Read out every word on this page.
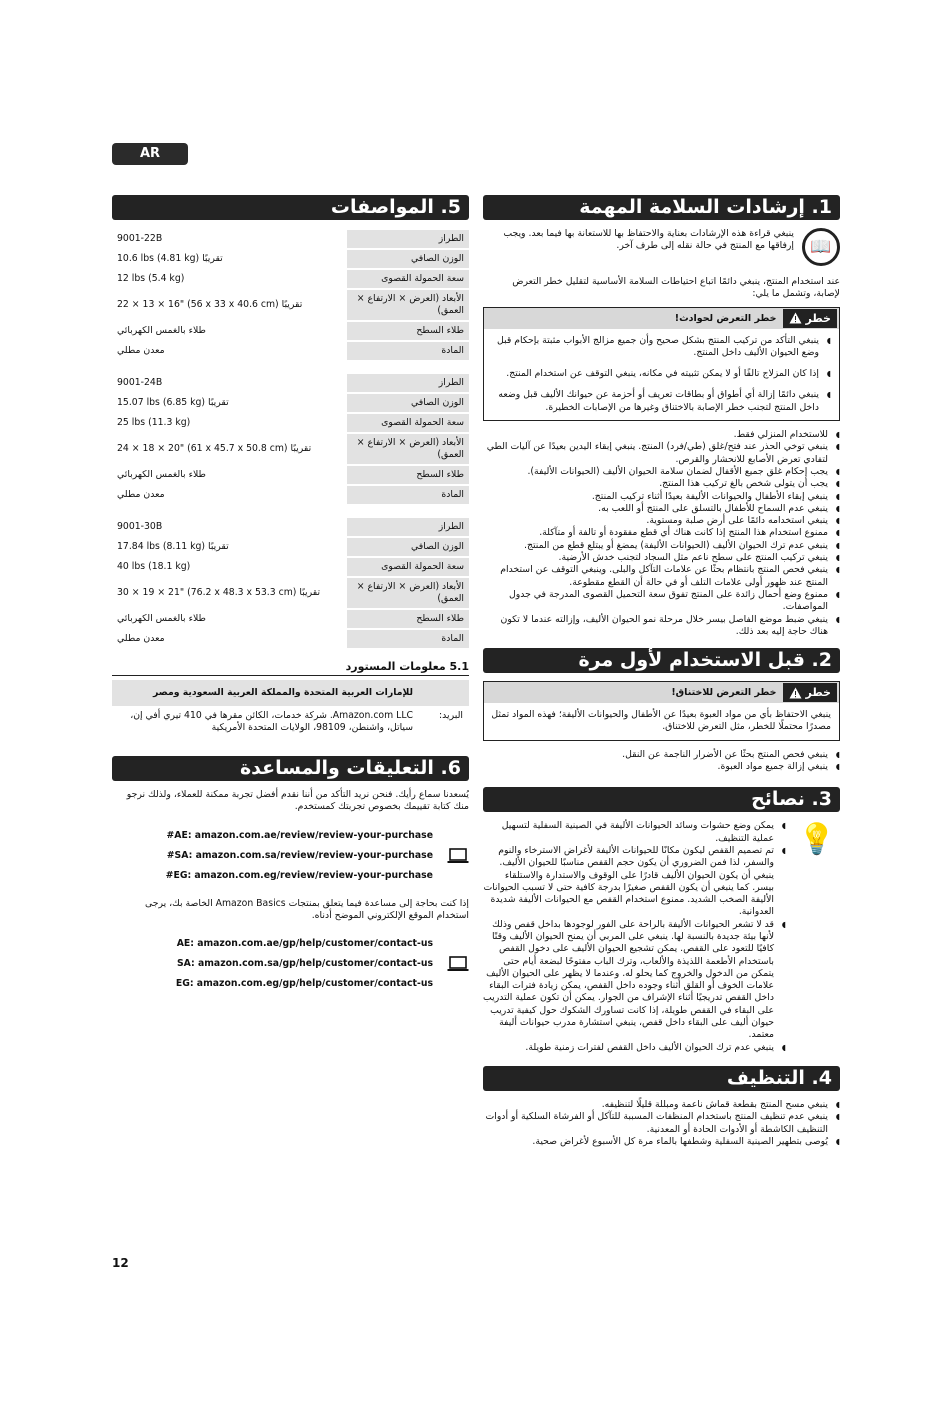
AR
1. إرشادات السلامة المهمة
📖
ينبغي قراءة هذه الإرشادات بعناية والاحتفاظ بها للاستعانة بها فيما بعد. ويجب إرفاقها مع المنتج في حالة نقله إلى طرف آخر.
عند استخدام المنتج، ينبغي دائمًا اتباع احتياطات السلامة الأساسية لتقليل خطر التعرض لإصابة، وتشمل ما يلي:
خطر
خطر التعرض لحوادث!
◖ ينبغي التأكد من تركيب المنتج بشكل صحيح وأن جميع مزالج الأبواب مثبتة بإحكام قبل وضع الحيوان الأليف داخل المنتج.
◖ إذا كان المزلاج تالفًا أو لا يمكن تثبيته في مكانه، ينبغي التوقف عن استخدام المنتج.
◖ ينبغي دائمًا إزالة أي أطواق أو بطاقات تعريف أو أحزمة عن حيوانك الأليف قبل وضعه داخل المنتج لتجنب خطر الإصابة بالاختناق وغيرها من الإصابات الخطيرة.
◖ للاستخدام المنزلي فقط.
◖ ينبغي توخي الحذر عند فتح/غلق (طي/فرد) المنتج. ينبغي إبقاء اليدين بعيدًا عن آليات الطي لتفادي تعرض الأصابع للانحشار والقرص.
◖ يجب إحكام غلق جميع الأقفال لضمان سلامة الحيوان الأليف (الحيوانات الأليفة).
◖ يجب أن يتولى شخص بالغ تركيب هذا المنتج.
◖ ينبغي إبقاء الأطفال والحيوانات الأليفة بعيدًا أثناء تركيب المنتج.
◖ ينبغي عدم السماح للأطفال بالتسلق على المنتج أو اللعب به.
◖ ينبغي استخدامه دائمًا على أرض صلبة ومستوية.
◖ ممنوع استخدام هذا المنتج إذا كانت هناك أي قطع مفقودة أو تالفة أو متآكلة.
◖ ينبغي عدم ترك الحيوان الأليف (الحيوانات الأليفة) يمضغ أو يبتلع قطع من المنتج.
◖ ينبغي تركيب المنتج على سطح ناعم مثل السجاد لتجنب خدش الأرضية.
◖ ينبغي فحص المنتج بانتظام بحثًا عن علامات التآكل والبلى. وينبغي التوقف عن استخدام المنتج عند ظهور أولى علامات التلف أو في حالة أن القطع مقطوعة.
◖ ممنوع وضع أحمال زائدة على المنتج تفوق سعة التحميل القصوى المدرجة في جدول المواصفات.
◖ ينبغي ضبط موضع الفاصل بيسر خلال مرحلة نمو الحيوان الأليف، وإزالته عندما لا تكون هناك حاجة إليه بعد ذلك.
2. قبل الاستخدام لأول مرة
خطر
خطر التعرض للاختناق!
ينبغي الاحتفاظ بأي من مواد العبوة بعيدًا عن الأطفال والحيوانات الأليفة؛ فهذه المواد تمثل مصدرًا محتملًا للخطر، مثل التعرض للاختناق.
◖ ينبغي فحص المنتج بحثًا عن الأضرار الناجمة عن النقل.
◖ ينبغي إزالة جميع مواد العبوة.
3. نصائح
💡
◖ يمكن وضع حشوات وسائد الحيوانات الأليفة في الصينية السفلية لتسهيل عملية التنظيف.
◖ تم تصميم القفص ليكون مكانًا للحيوانات الأليفة لأغراض الاسترخاء والنوم والسفر، لذا فمن الضروري أن يكون حجم القفص مناسبًا للحيوان الأليف. ينبغي أن يكون الحيوان الأليف قادرًا على الوقوف والاستدارة والاستلقاء بيسر. كما ينبغي أن يكون القفص صغيرًا بدرجة كافية حتى لا تسبب الحيوانات الأليفة الصخب الشديد. ممنوع استخدام القفص مع الحيوانات الأليفة شديدة العدوانية.
◖ قد لا تشعر الحيوانات الأليفة بالراحة على الفور لوجودها بداخل قفص وذلك لأنها بيئة جديدة بالنسبة لها. ينبغي على المربي أن يمنح الحيوان الأليف وقتًا كافيًا للتعود على القفص. يمكن تشجيع الحيوان الأليف على دخول القفص باستخدام الأطعمة اللذيذة والألعاب، وترك الباب مفتوحًا لبضعة أيام حتى يتمكن من الدخول والخروج كما يحلو له. وعندما لا يظهر على الحيوان الأليف علامات الخوف أو القلق أثناء وجوده داخل القفص، يمكن زيادة فترات البقاء داخل القفص تدريجيًا أثناء الإشراف من الجوار. يمكن أن تكون عملية التدريب على البقاء في القفص طويلة، إذا كانت تساورك الشكوك حول كيفية تدريب حيوان أليف على البقاء داخل قفص، ينبغي استشارة مدرب حيوانات أليفة معتمد.
◖ ينبغي عدم ترك الحيوان الأليف داخل القفص لفترات زمنية طويلة.
4. التنظيف
◖ ينبغي مسح المنتج بقطعة قماش ناعمة ومبللة قليلًا لتنظيفه.
◖ ينبغي عدم تنظيف المنتج باستخدام المنظفات المسببة للتآكل أو الفرشاة السلكية أو أدوات التنظيف الكاشطة أو الأدوات الحادة أو المعدنية.
◖ يُوصى بتطهير الصينية السفلية وشطفها بالماء مرة كل الأسبوع لأغراض صحية.
5. المواصفات
الطراز	9001-22B
الوزن الصافي	10.6 lbs (4.81 kg) تقريبًا
سعة الحمولة القصوى	12 lbs (5.4 kg)
الأبعاد (العرض × الارتفاع × العمق)	22 × 13 × 16" (56 x 33 x 40.6 cm) تقريبًا
طلاء السطح	طلاء بالغمس الكهربائي
المادة	معدن مطلي
الطراز	9001-24B
الوزن الصافي	15.07 lbs (6.85 kg) تقريبًا
سعة الحمولة القصوى	25 lbs (11.3 kg)
الأبعاد (العرض × الارتفاع × العمق)	24 × 18 × 20" (61 x 45.7 x 50.8 cm) تقريبًا
طلاء السطح	طلاء بالغمس الكهربائي
المادة	معدن مطلي
الطراز	9001-30B
الوزن الصافي	17.84 lbs (8.11 kg) تقريبًا
سعة الحمولة القصوى	40 lbs (18.1 kg)
الأبعاد (العرض × الارتفاع × العمق)	30 × 19 × 21" (76.2 x 48.3 x 53.3 cm) تقريبًا
طلاء السطح	طلاء بالغمس الكهربائي
المادة	معدن مطلي
5.1 معلومات المستورد
	للإمارات العربية المتحدة والمملكة العربية السعودية ومصر
البريد:	Amazon.com LLC. شركة خدمات، الكائن مقرها في 410 تيري أفي إن، سياتل، واشنطن، 98109، الولايات المتحدة الأمريكية
6. التعليقات والمساعدة
يُسعدنا سماع رأيك. فنحن نريد التأكد من أننا نقدم أفضل تجربة ممكنة للعملاء، ولذلك نرجو منك كتابة تقييمك بخصوص تجربتك كمستخدم.
AE: amazon.com.ae/review/review-your-purchase#
SA: amazon.com.sa/review/review-your-purchase#
EG: amazon.com.eg/review/review-your-purchase#
إذا كنت بحاجة إلى مساعدة فيما يتعلق بمنتجات Amazon Basics الخاصة بك، يرجى استخدام الموقع الإلكتروني الموضح أدناه.
AE: amazon.com.ae/gp/help/customer/contact-us
SA: amazon.com.sa/gp/help/customer/contact-us
EG: amazon.com.eg/gp/help/customer/contact-us
12
